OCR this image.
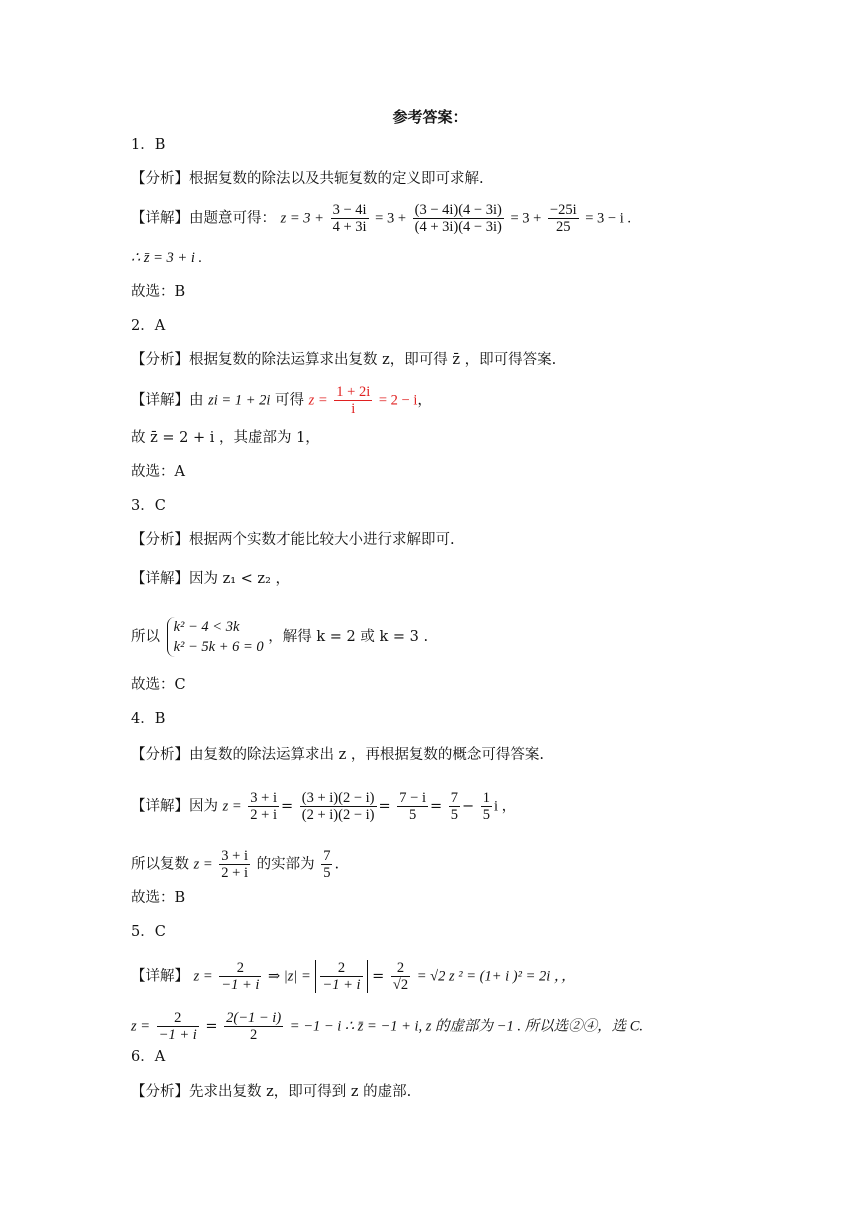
参考答案：
1．B
【分析】根据复数的除法以及共轭复数的定义即可求解.
【详解】由题意可得： $z = 3 + \frac{3 - 4i}{4 + 3i} = 3 + \frac{(3 - 4i)(4 - 3i)}{(4 + 3i)(4 - 3i)} = 3 + \frac{-25i}{25} = 3 - i$ .
∴ z̄ = 3 + i .
故选：B
2．A
【分析】根据复数的除法运算求出复数 z，即可得 z̄ ，即可得答案.
【详解】由 zi = 1 + 2i 可得 $z = \frac{1 + 2i}{i} = 2 - i$，
故 z̄ = 2 + i ，其虚部为 1，
故选：A
3．C
【分析】根据两个实数才能比较大小进行求解即可.
【详解】因为 z₁ < z₂ ，
所以
k² − 4 < 3k
k² − 5k + 6 = 0
，解得 k = 2 或 k = 3 .
故选：C
4．B
【分析】由复数的除法运算求出 z ，再根据复数的概念可得答案.
【详解】因为 $z = \frac{3 + i}{2 + i} = \frac{(3 + i)(2 - i)}{(2 + i)(2 - i)} = \frac{7 - i}{5} = \frac{7}{5} - \frac{1}{5}$ i ，
所以复数 $z = \frac{3 + i}{2 + i}$ 的实部为 $\frac{7}{5}$ .
故选：B
5．C
【详解】 $z = \frac{2}{-1 + i}$ ⇒ $|z| = \frac{2}{-1 + i} = \frac{2}{√2} = √2$ z ² = (1+ i )² = 2i ，，
$z = \frac{2}{-1 + i} = \frac{2(-1 - i)}{2} = -1 - i$ ∴ z̄ = −1 + i, z 的虚部为 −1 . 所以选②④，选 C.
6．A
【分析】先求出复数 z，即可得到 z 的虚部.
